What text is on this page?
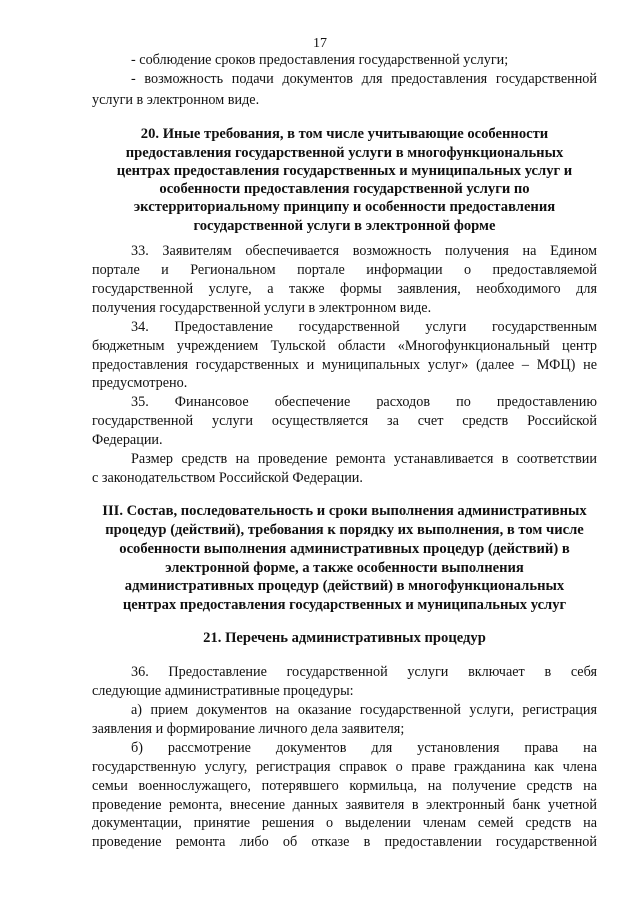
17
- соблюдение сроков предоставления государственной услуги;
- возможность подачи документов для предоставления государственной
услуги в электронном виде.
20. Иные требования, в том числе учитывающие особенности
предоставления государственной услуги в многофункциональных
центрах предоставления государственных и муниципальных услуг и
особенности предоставления государственной услуги по
экстерриториальному принципу и особенности предоставления
государственной услуги в электронной форме
33. Заявителям обеспечивается возможность получения на Едином
портале и Региональном портале информации о предоставляемой
государственной услуге, а также формы заявления, необходимого для
получения государственной услуги в электронном виде.
34. Предоставление государственной услуги государственным
бюджетным учреждением Тульской области «Многофункциональный центр
предоставления государственных и муниципальных услуг» (далее – МФЦ) не
предусмотрено.
35. Финансовое обеспечение расходов по предоставлению
государственной услуги осуществляется за счет средств Российской
Федерации.
Размер средств на проведение ремонта устанавливается в соответствии
с законодательством Российской Федерации.
III. Состав, последовательность и сроки выполнения административных
процедур (действий), требования к порядку их выполнения, в том числе
особенности выполнения административных процедур (действий) в
электронной форме, а также особенности выполнения
административных процедур (действий) в многофункциональных
центрах предоставления государственных и муниципальных услуг
21. Перечень административных процедур
36. Предоставление государственной услуги включает в себя
следующие административные процедуры:
а) прием документов на оказание государственной услуги, регистрация
заявления и формирование личного дела заявителя;
б) рассмотрение документов для установления права на
государственную услугу, регистрация справок о праве гражданина как члена
семьи военнослужащего, потерявшего кормильца, на получение средств на
проведение ремонта, внесение данных заявителя в электронный банк учетной
документации, принятие решения о выделении членам семей средств на
проведение ремонта либо об отказе в предоставлении государственной
